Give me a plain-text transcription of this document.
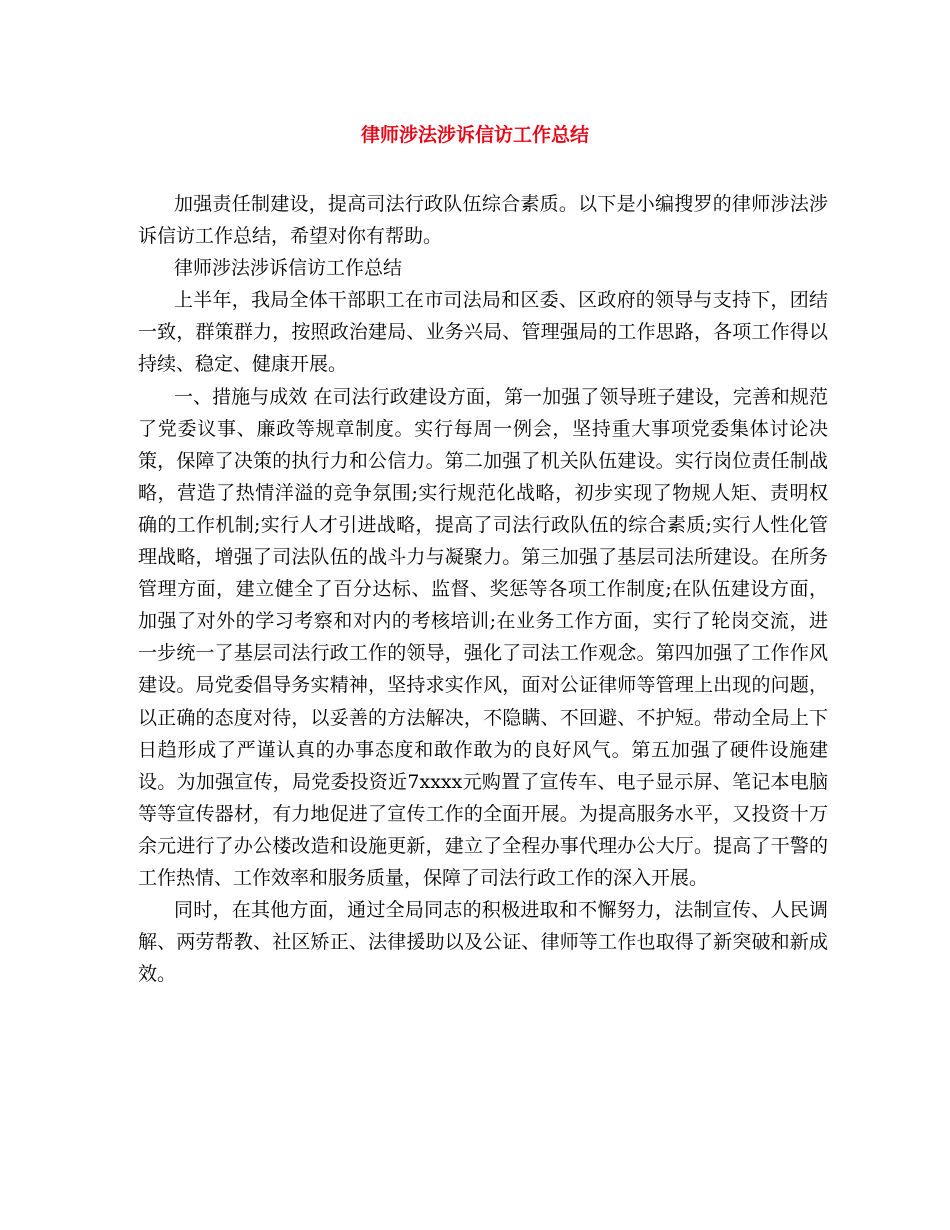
律师涉法涉诉信访工作总结

加强责任制建设，提高司法行政队伍综合素质。以下是小编搜罗的律师涉法涉诉信访工作总结，希望对你有帮助。

律师涉法涉诉信访工作总结

上半年，我局全体干部职工在市司法局和区委、区政府的领导与支持下，团结一致，群策群力，按照政治建局、业务兴局、管理强局的工作思路，各项工作得以持续、稳定、健康开展。

一、措施与成效 在司法行政建设方面，第一加强了领导班子建设，完善和规范了党委议事、廉政等规章制度。实行每周一例会，坚持重大事项党委集体讨论决策，保障了决策的执行力和公信力。第二加强了机关队伍建设。实行岗位责任制战略，营造了热情洋溢的竞争氛围;实行规范化战略，初步实现了物规人矩、责明权确的工作机制;实行人才引进战略，提高了司法行政队伍的综合素质;实行人性化管理战略，增强了司法队伍的战斗力与凝聚力。第三加强了基层司法所建设。在所务管理方面，建立健全了百分达标、监督、奖惩等各项工作制度;在队伍建设方面，加强了对外的学习考察和对内的考核培训;在业务工作方面，实行了轮岗交流，进一步统一了基层司法行政工作的领导，强化了司法工作观念。第四加强了工作作风建设。局党委倡导务实精神，坚持求实作风，面对公证律师等管理上出现的问题，以正确的态度对待，以妥善的方法解决，不隐瞒、不回避、不护短。带动全局上下日趋形成了严谨认真的办事态度和敢作敢为的良好风气。第五加强了硬件设施建设。为加强宣传，局党委投资近7xxxx元购置了宣传车、电子显示屏、笔记本电脑等等宣传器材，有力地促进了宣传工作的全面开展。为提高服务水平，又投资十万余元进行了办公楼改造和设施更新，建立了全程办事代理办公大厅。提高了干警的工作热情、工作效率和服务质量，保障了司法行政工作的深入开展。

同时，在其他方面，通过全局同志的积极进取和不懈努力，法制宣传、人民调解、两劳帮教、社区矫正、法律援助以及公证、律师等工作也取得了新突破和新成效。
